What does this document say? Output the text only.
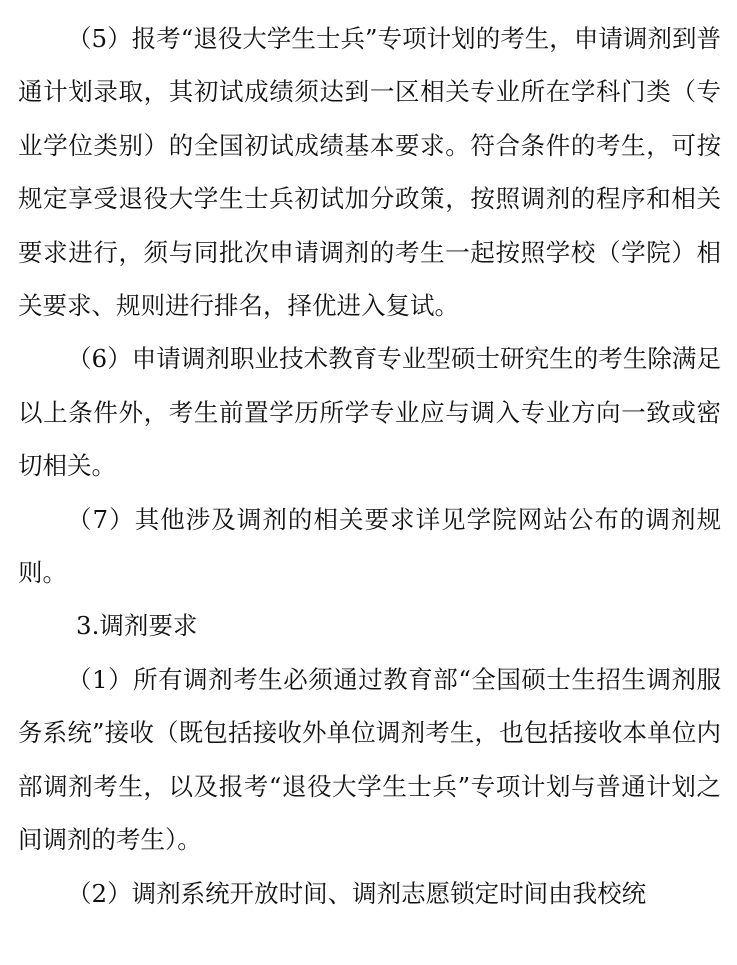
（5）报考“退役大学生士兵”专项计划的考生，申请调剂到普通计划录取，其初试成绩须达到一区相关专业所在学科门类（专业学位类别）的全国初试成绩基本要求。符合条件的考生，可按规定享受退役大学生士兵初试加分政策，按照调剂的程序和相关要求进行，须与同批次申请调剂的考生一起按照学校（学院）相关要求、规则进行排名，择优进入复试。

（6）申请调剂职业技术教育专业型硕士研究生的考生除满足以上条件外，考生前置学历所学专业应与调入专业方向一致或密切相关。

（7）其他涉及调剂的相关要求详见学院网站公布的调剂规则。

3.调剂要求

（1）所有调剂考生必须通过教育部“全国硕士生招生调剂服务系统”接收（既包括接收外单位调剂考生，也包括接收本单位内部调剂考生，以及报考“退役大学生士兵”专项计划与普通计划之间调剂的考生）。

（2）调剂系统开放时间、调剂志愿锁定时间由我校统
